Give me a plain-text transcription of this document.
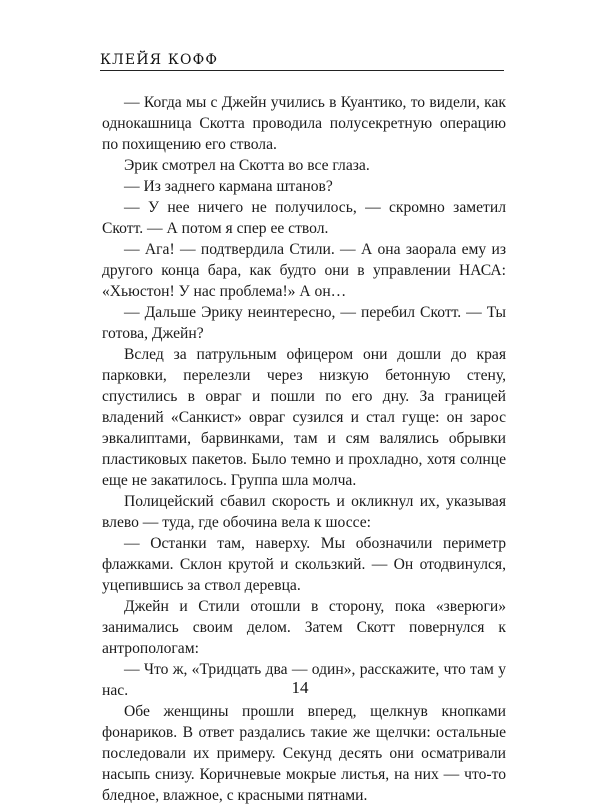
КЛЕЙЯ КОФФ

— Когда мы с Джейн учились в Куантико, то видели, как однокашница Скотта проводила полусекретную операцию по похищению его ствола.

Эрик смотрел на Скотта во все глаза.

— Из заднего кармана штанов?

— У нее ничего не получилось, — скромно заметил Скотт. — А потом я спер ее ствол.

— Ага! — подтвердила Стили. — А она заорала ему из другого конца бара, как будто они в управлении НАСА: «Хьюстон! У нас проблема!» А он…

— Дальше Эрику неинтересно, — перебил Скотт. — Ты готова, Джейн?

Вслед за патрульным офицером они дошли до края парковки, перелезли через низкую бетонную стену, спустились в овраг и пошли по его дну. За границей владений «Санкист» овраг сузился и стал гуще: он зарос эвкалиптами, барвинками, там и сям валялись обрывки пластиковых пакетов. Было темно и прохладно, хотя солнце еще не закатилось. Группа шла молча.

Полицейский сбавил скорость и окликнул их, указывая влево — туда, где обочина вела к шоссе:

— Останки там, наверху. Мы обозначили периметр флажками. Склон крутой и скользкий. — Он отодвинулся, уцепившись за ствол деревца.

Джейн и Стили отошли в сторону, пока «зверюги» занимались своим делом. Затем Скотт повернулся к антропологам:

— Что ж, «Тридцать два — один», расскажите, что там у нас.

Обе женщины прошли вперед, щелкнув кнопками фонариков. В ответ раздались такие же щелчки: остальные последовали их примеру. Секунд десять они осматривали насыпь снизу. Коричневые мокрые листья, на них — что-то бледное, влажное, с красными пятнами.

14
